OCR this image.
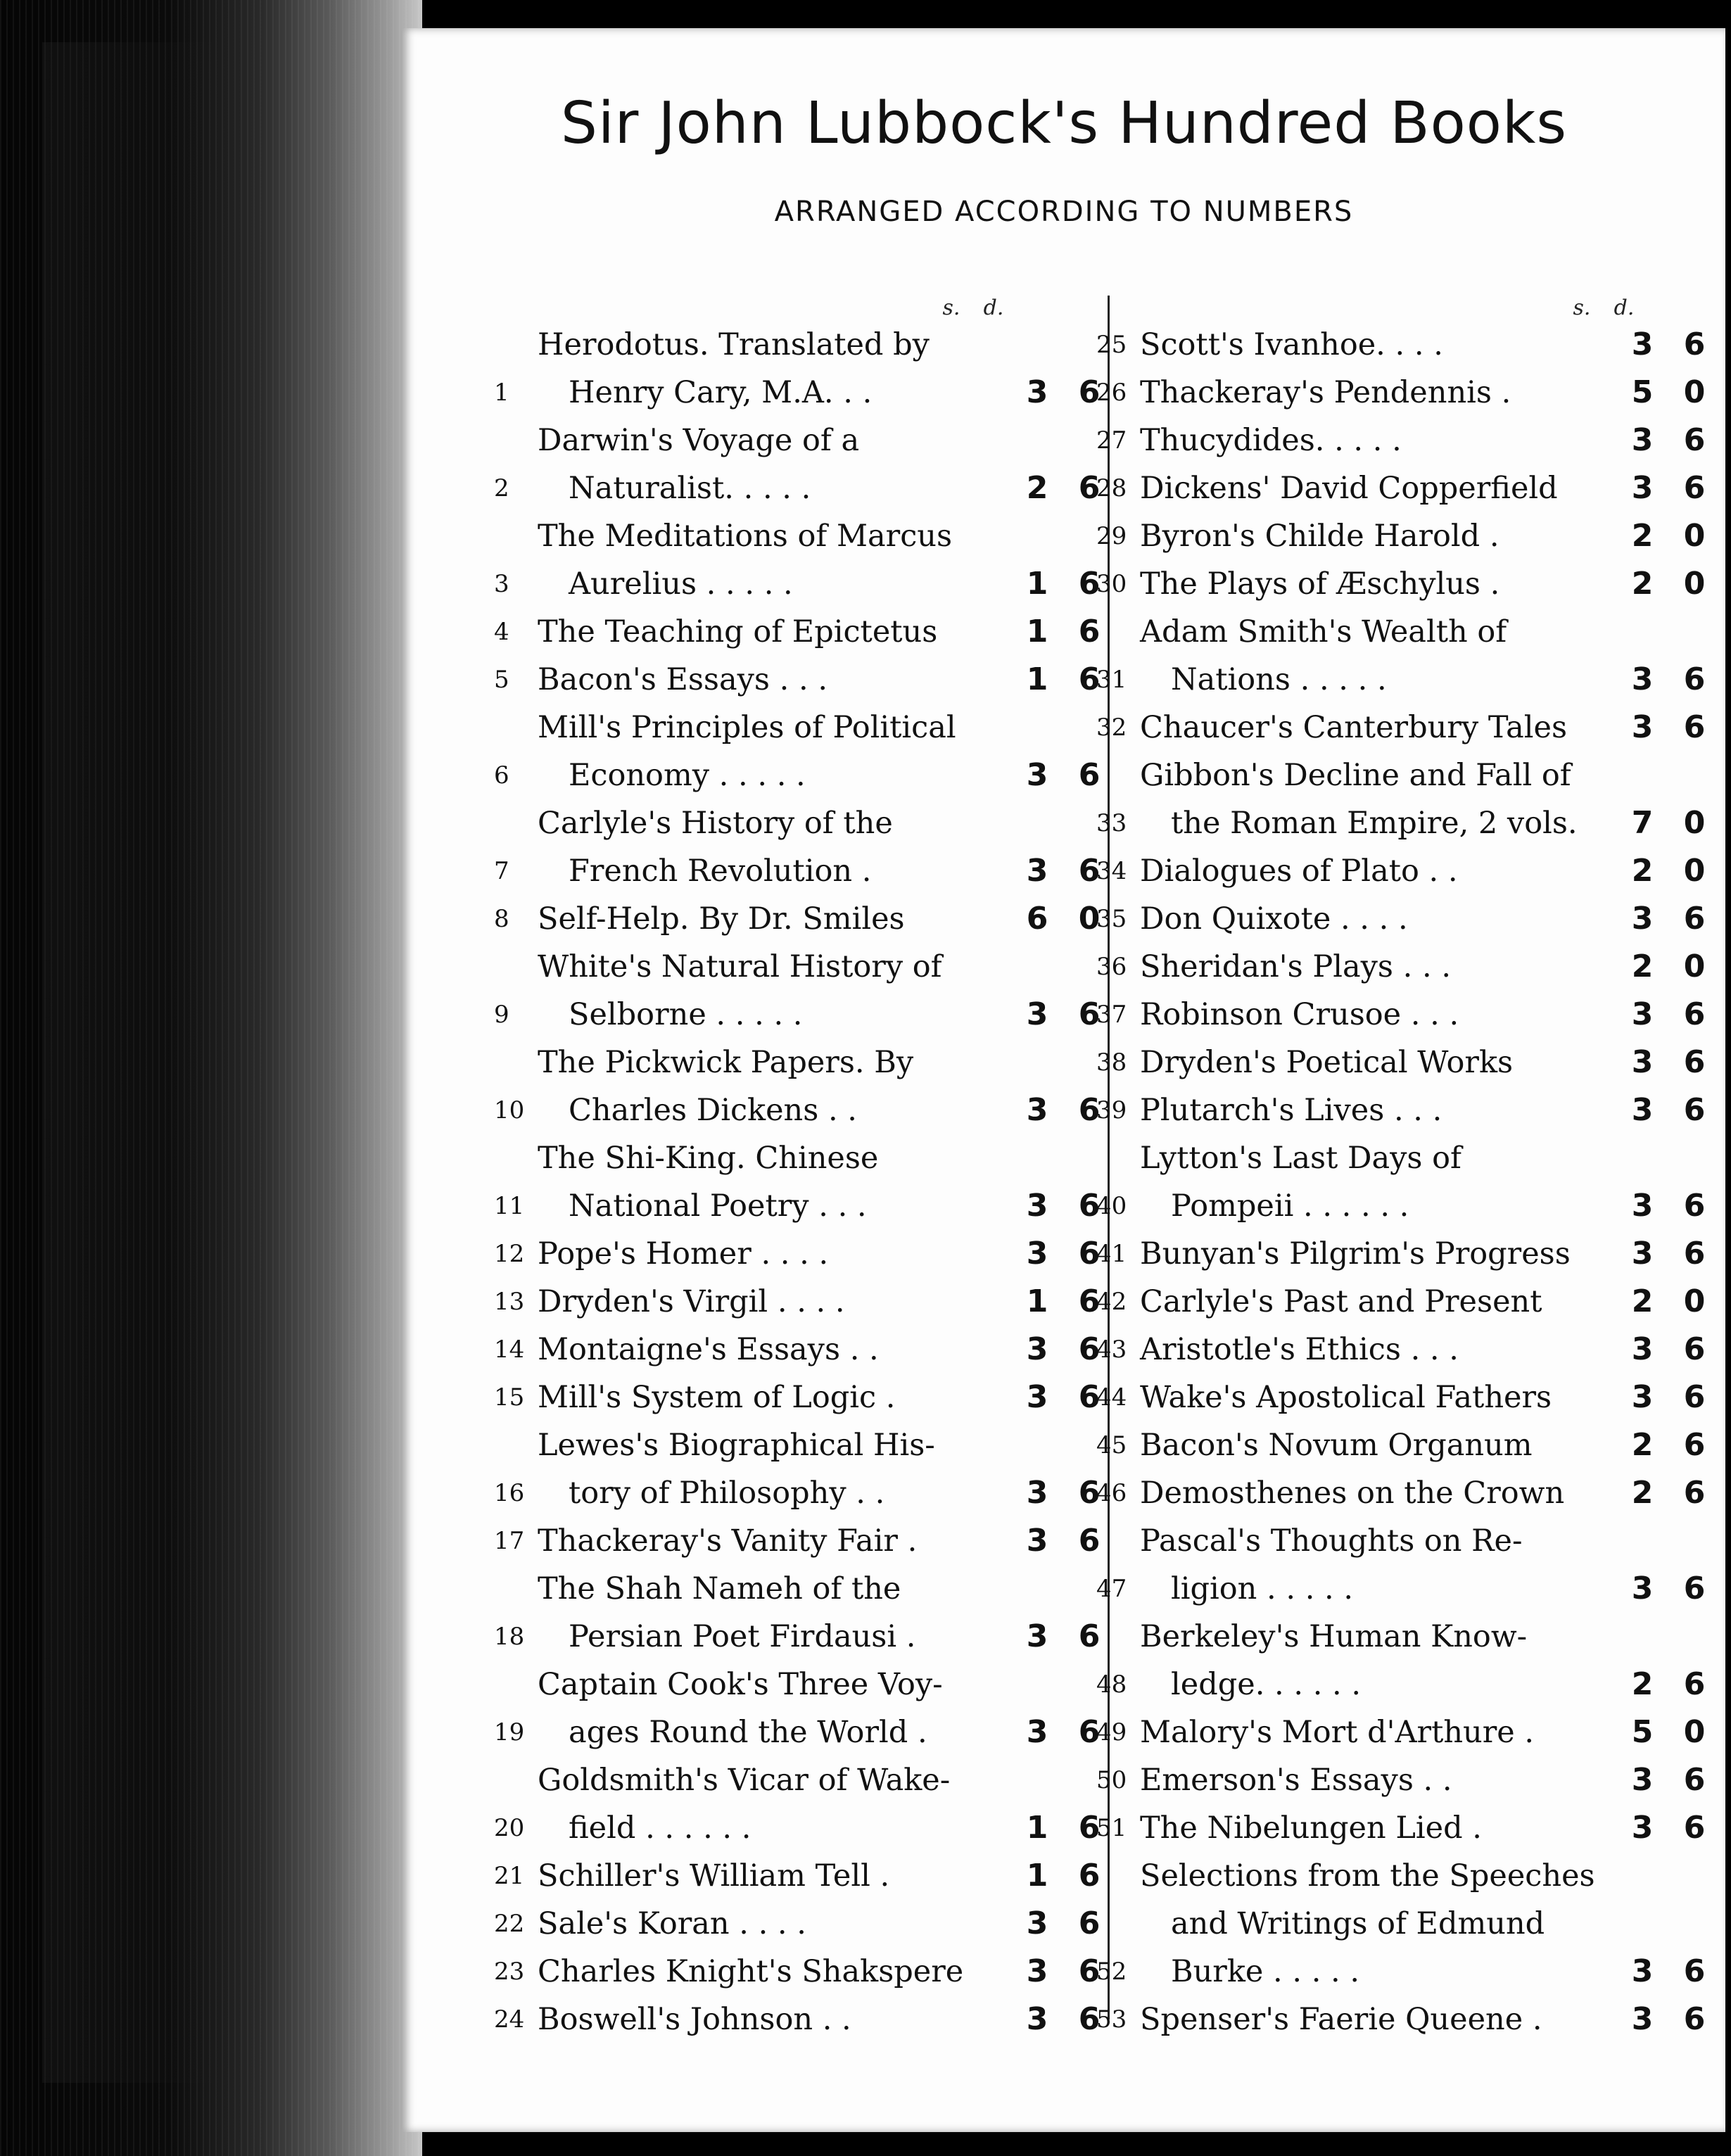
Sir John Lubbock's Hundred Books
ARRANGED ACCORDING TO NUMBERS
s. d.
1
Herodotus. Translated by
Henry Cary, M.A. . .	3 6
2
Darwin's Voyage of a
Naturalist. . . . .	2 6
3
The Meditations of Marcus
Aurelius . . . . .	1 6
4 The Teaching of Epictetus	1 6
5 Bacon's Essays . . .	1 6
6
Mill's Principles of Political
Economy . . . . .	3 6
7
Carlyle's History of the
French Revolution .	3 6
8 Self-Help. By Dr. Smiles	6 0
9
White's Natural History of
Selborne . . . . .	3 6
10
The Pickwick Papers. By
Charles Dickens . .	3 6
11
The Shi-King. Chinese
National Poetry . . .	3 6
12 Pope's Homer . . . .	3 6
13 Dryden's Virgil . . . .	1 6
14 Montaigne's Essays . .	3 6
15 Mill's System of Logic .	3 6
16
Lewes's Biographical His-
tory of Philosophy . .	3 6
17 Thackeray's Vanity Fair .	3 6
18
The Shah Nameh of the
Persian Poet Firdausi .	3 6
19
Captain Cook's Three Voy-
ages Round the World .	3 6
20
Goldsmith's Vicar of Wake-
field . . . . . .	1 6
21 Schiller's William Tell .	1 6
22 Sale's Koran . . . .	3 6
23 Charles Knight's Shakspere	3 6
24 Boswell's Johnson . .	3 6
s. d.
25 Scott's Ivanhoe. . . .	3 6
26 Thackeray's Pendennis .	5 0
27 Thucydides. . . . .	3 6
28 Dickens' David Copperfield	3 6
29 Byron's Childe Harold .	2 0
30 The Plays of Æschylus .	2 0
31
Adam Smith's Wealth of
Nations . . . . .	3 6
32 Chaucer's Canterbury Tales	3 6
33
Gibbon's Decline and Fall of
the Roman Empire, 2 vols.	7 0
34 Dialogues of Plato . .	2 0
35 Don Quixote . . . .	3 6
36 Sheridan's Plays . . .	2 0
37 Robinson Crusoe . . .	3 6
38 Dryden's Poetical Works	3 6
39 Plutarch's Lives . . .	3 6
40
Lytton's Last Days of
Pompeii . . . . . .	3 6
41 Bunyan's Pilgrim's Progress	3 6
42 Carlyle's Past and Present	2 0
43 Aristotle's Ethics . . .	3 6
44 Wake's Apostolical Fathers	3 6
45 Bacon's Novum Organum	2 6
46 Demosthenes on the Crown	2 6
47
Pascal's Thoughts on Re-
ligion . . . . .	3 6
48
Berkeley's Human Know-
ledge. . . . . .	2 6
49 Malory's Mort d'Arthure .	5 0
50 Emerson's Essays . .	3 6
51 The Nibelungen Lied .	3 6
52
Selections from the Speeches
and Writings of Edmund
Burke . . . . .	3 6
53 Spenser's Faerie Queene .	3 6
